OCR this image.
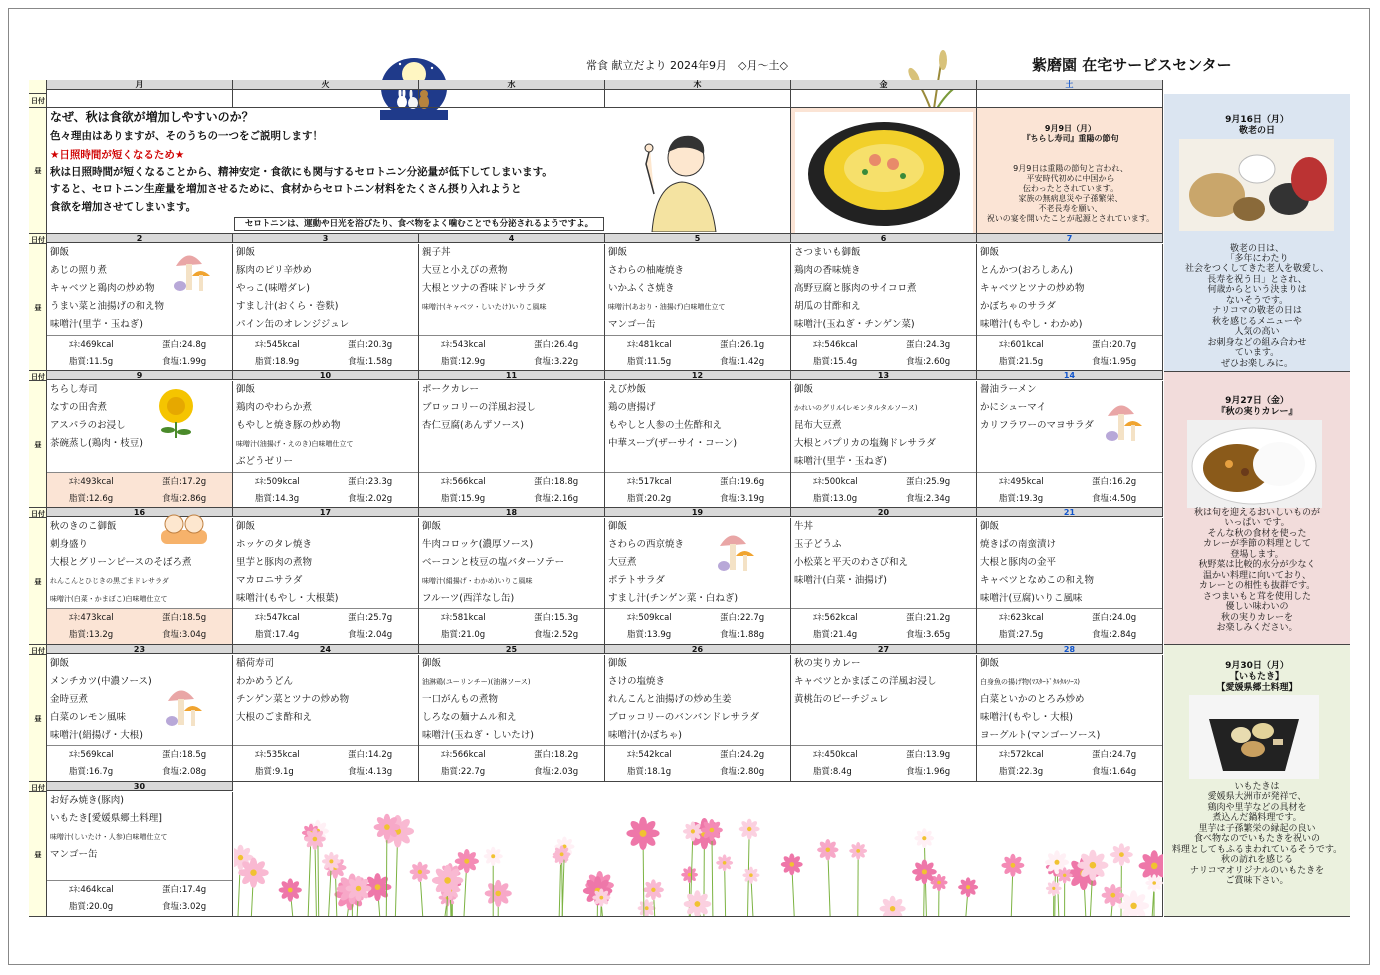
常食 献立だより 2024年9月　◇月～土◇	紫磨園 在宅サービスセンター
日付
昼
月	火	水	木	金	土
日付
昼
2
御飯
あじの照り煮
キャベツと鶏肉の炒め物
うまい菜と油揚げの和え物
味噌汁(里芋・玉ねぎ)
ｴﾈ:469kcal	蛋白:24.8g
脂質:11.5g	食塩:1.99g
3
御飯
豚肉のピリ辛炒め
やっこ(味噌ダレ)
すまし汁(おくら・巻麩)
パイン缶のオレンジジュレ
ｴﾈ:545kcal	蛋白:20.3g
脂質:18.9g	食塩:1.58g
4
親子丼
大豆と小えびの煮物
大根とツナの香味ドレサラダ
味噌汁(キャベツ・しいたけ)いりこ風味
ｴﾈ:543kcal	蛋白:26.4g
脂質:12.9g	食塩:3.22g
5
御飯
さわらの柚庵焼き
いかふくさ焼き
味噌汁(あおり・油揚げ)白味噌仕立て
マンゴー缶
ｴﾈ:481kcal	蛋白:26.1g
脂質:11.5g	食塩:1.42g
6
さつまいも御飯
鶏肉の香味焼き
高野豆腐と豚肉のサイコロ煮
胡瓜の甘酢和え
味噌汁(玉ねぎ・チンゲン菜)
ｴﾈ:546kcal	蛋白:24.3g
脂質:15.4g	食塩:2.60g
7
御飯
とんかつ(おろしあん)
キャベツとツナの炒め物
かぼちゃのサラダ
味噌汁(もやし・わかめ)
ｴﾈ:601kcal	蛋白:20.7g
脂質:21.5g	食塩:1.95g
日付
昼
9
ちらし寿司
なすの田舎煮
アスパラのお浸し
茶碗蒸し(鶏肉・枝豆)
ｴﾈ:493kcal	蛋白:17.2g
脂質:12.6g	食塩:2.86g
10
御飯
鶏肉のやわらか煮
もやしと焼き豚の炒め物
味噌汁(油揚げ・えのき)白味噌仕立て
ぶどうゼリー
ｴﾈ:509kcal	蛋白:23.3g
脂質:14.3g	食塩:2.02g
11
ポークカレー
ブロッコリーの洋風お浸し
杏仁豆腐(あんずソース)
ｴﾈ:566kcal	蛋白:18.8g
脂質:15.9g	食塩:2.16g
12
えび炒飯
鶏の唐揚げ
もやしと人参の土佐酢和え
中華スープ(ザーサイ・コーン)
ｴﾈ:517kcal	蛋白:19.6g
脂質:20.2g	食塩:3.19g
13
御飯
かれいのグリル(レモンタルタルソース)
昆布大豆煮
大根とパプリカの塩麹ドレサラダ
味噌汁(里芋・玉ねぎ)
ｴﾈ:500kcal	蛋白:25.9g
脂質:13.0g	食塩:2.34g
14
醤油ラーメン
かにシューマイ
カリフラワーのマヨサラダ
ｴﾈ:495kcal	蛋白:16.2g
脂質:19.3g	食塩:4.50g
日付
昼
16
秋のきのこ御飯
刺身盛り
大根とグリーンピースのそぼろ煮
れんこんとひじきの黒ごまドレサラダ
味噌汁(白菜・かまぼこ)白味噌仕立て
ｴﾈ:473kcal	蛋白:18.5g
脂質:13.2g	食塩:3.04g
17
御飯
ホッケのタレ焼き
里芋と豚肉の煮物
マカロニサラダ
味噌汁(もやし・大根葉)
ｴﾈ:547kcal	蛋白:25.7g
脂質:17.4g	食塩:2.04g
18
御飯
牛肉コロッケ(濃厚ソース)
ベーコンと枝豆の塩バターソテー
味噌汁(絹揚げ・わかめ)いりこ風味
フルーツ(西洋なし缶)
ｴﾈ:581kcal	蛋白:15.3g
脂質:21.0g	食塩:2.52g
19
御飯
さわらの西京焼き
大豆煮
ポテトサラダ
すまし汁(チンゲン菜・白ねぎ)
ｴﾈ:509kcal	蛋白:22.7g
脂質:13.9g	食塩:1.88g
20
牛丼
玉子どうふ
小松菜と平天のわさび和え
味噌汁(白菜・油揚げ)
ｴﾈ:562kcal	蛋白:21.2g
脂質:21.4g	食塩:3.65g
21
御飯
焼きばの南蛮漬け
大根と豚肉の金平
キャベツとなめこの和え物
味噌汁(豆腐)いりこ風味
ｴﾈ:623kcal	蛋白:24.0g
脂質:27.5g	食塩:2.84g
日付
昼
23
御飯
メンチカツ(中濃ソース)
金時豆煮
白菜のレモン風味
味噌汁(絹揚げ・大根)
ｴﾈ:569kcal	蛋白:18.5g
脂質:16.7g	食塩:2.08g
24
稲荷寿司
わかめうどん
チンゲン菜とツナの炒め物
大根のごま酢和え
ｴﾈ:535kcal	蛋白:14.2g
脂質:9.1g	食塩:4.13g
25
御飯
油淋鶏(ユーリンチー)(油淋ソース)
一口がんもの煮物
しろなの麺ナムル和え
味噌汁(玉ねぎ・しいたけ)
ｴﾈ:566kcal	蛋白:18.2g
脂質:22.7g	食塩:2.03g
26
御飯
さけの塩焼き
れんこんと油揚げの炒め生姜
ブロッコリーのバンバンドレサラダ
味噌汁(かぼちゃ)
ｴﾈ:542kcal	蛋白:24.2g
脂質:18.1g	食塩:2.80g
27
秋の実りカレー
キャベツとかまぼこの洋風お浸し
黄桃缶のピーチジュレ
ｴﾈ:450kcal	蛋白:13.9g
脂質:8.4g	食塩:1.96g
28
御飯
白身魚の揚げ物(ﾏｽﾀｰﾄﾞﾀﾙﾀﾙｿｰｽ)
白菜といかのとろみ炒め
味噌汁(もやし・大根)
ヨーグルト(マンゴーソース)
ｴﾈ:572kcal	蛋白:24.7g
脂質:22.3g	食塩:1.64g
日付
昼
30
お好み焼き(豚肉)
いもたき[愛媛県郷土料理]
味噌汁(しいたけ・人参)白味噌仕立て
マンゴー缶
ｴﾈ:464kcal	蛋白:17.4g
脂質:20.0g	食塩:3.02g
なぜ、秋は食欲が増加しやすいのか？
色々理由はありますが、そのうちの一つをご説明します！
★日照時間が短くなるため★
秋は日照時間が短くなることから、精神安定・食欲にも関与するセロトニン分泌量が低下してしまいます。
すると、セロトニン生産量を増加させるために、食材からセロトニン材料をたくさん摂り入れようと
食欲を増加させてしまいます。
セロトニンは、運動や日光を浴びたり、食べ物をよく噛むことでも分泌されるようですよ。
9月9日（月）
『ちらし寿司』重陽の節句
9月9日は重陽の節句と言われ、
平安時代初めに中国から
伝わったとされています。
家族の無病息災や子孫繁栄、
不老長寿を願い、
祝いの宴を開いたことが起源とされています。
9月16日（月）
敬老の日
敬老の日は、
「多年にわたり
社会をつくしてきた老人を敬愛し、
長寿を祝う日」とされ、
何歳からという決まりは
ないそうです。
ナリコマの敬老の日は
秋を感じるメニューや
人気の高い
お刺身などの組み合わせ
ています。
ぜひお楽しみに。
9月27日（金）
『秋の実りカレー』
秋は旬を迎えるおいしいものが
いっぱい です。
そんな秋の食材を使った
カレーが季節の料理として
登場します。
秋野菜は比較的水分が少なく
温かい料理に向いており、
カレーとの相性も抜群です。
さつまいもと茸を使用した
優しい味わいの
秋の実りカレーを
お楽しみください。
9月30日（月）
【いもたき】
【愛媛県郷土料理】
いもたきは
愛媛県大洲市が発祥で、
鶏肉や里芋などの具材を
煮込んだ鍋料理です。
里芋は子孫繁栄の縁起の良い
食べ物なのでいもたきを祝いの
料理としてもふるまわれているそうです。
秋の訪れを感じる
ナリコマオリジナルのいもたきを
ご賞味下さい。
